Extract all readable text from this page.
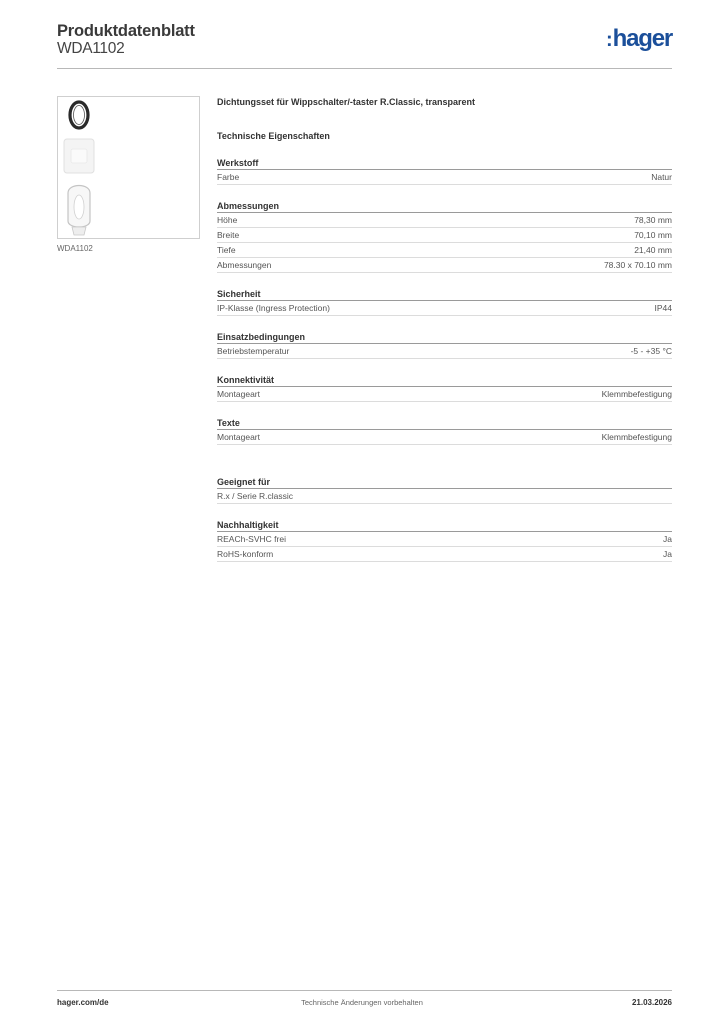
Produktdatenblatt
WDA1102	:hager
WDA1102
Dichtungsset für Wippschalter/-taster R.Classic, transparent
Technische Eigenschaften
Werkstoff
Farbe	Natur
Abmessungen
Höhe	78,30 mm
Breite	70,10 mm
Tiefe	21,40 mm
Abmessungen	78.30 x 70.10 mm
Sicherheit
IP-Klasse (Ingress Protection)	IP44
Einsatzbedingungen
Betriebstemperatur	-5 - +35 °C
Konnektivität
Montageart	Klemmbefestigung
Texte
Montageart	Klemmbefestigung
Geeignet für
R.x / Serie R.classic
Nachhaltigkeit
REACh-SVHC frei	Ja
RoHS-konform	Ja
hager.com/de	Technische Änderungen vorbehalten	21.03.2026
